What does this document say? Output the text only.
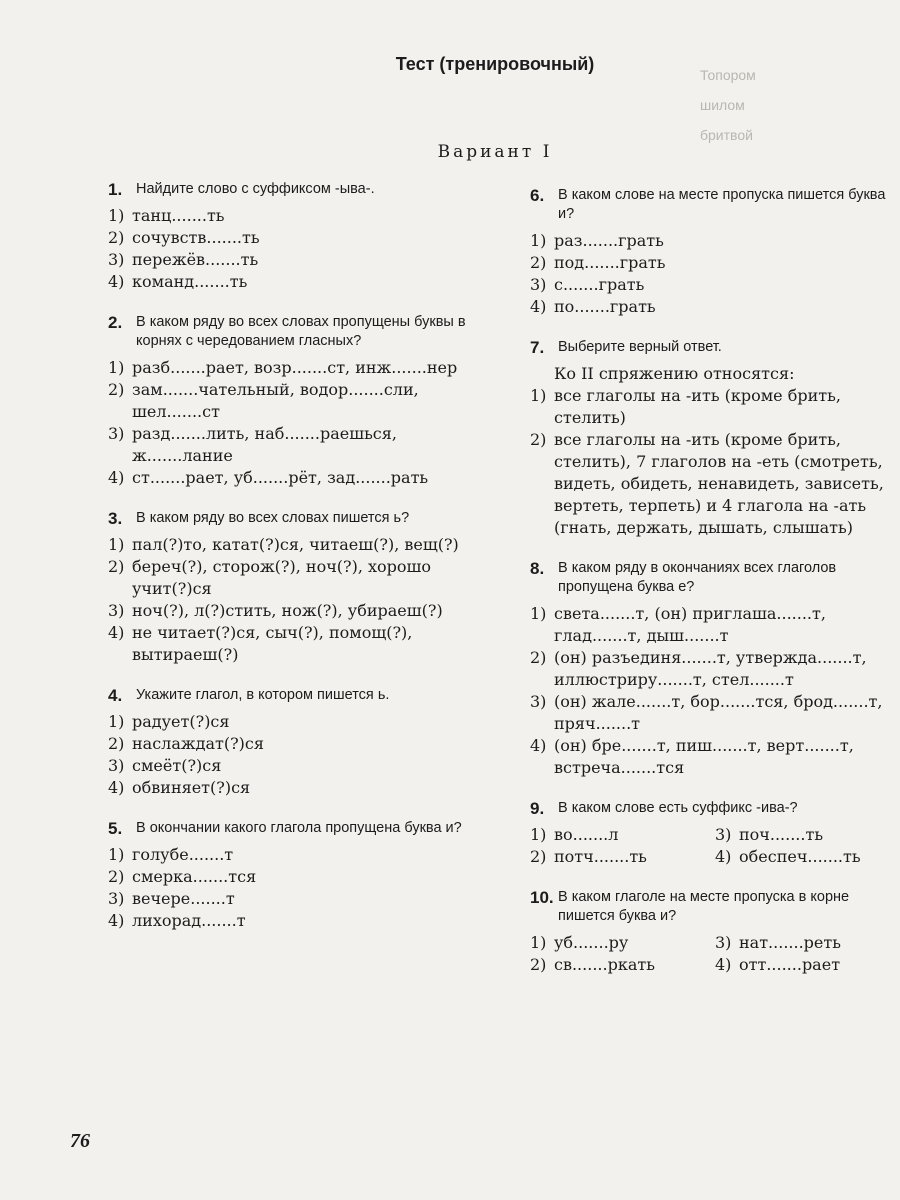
Топором
шилом
бритвой
Тест (тренировочный)
Вариант I
1. Найдите слово с суффиксом -ыва-.
1) танц.......ть
2) сочувств.......ть
3) пережёв.......ть
4) команд.......ть
2. В каком ряду во всех словах пропущены буквы в корнях с чередованием гласных?
1) разб.......рает, возр.......ст, инж.......нер
2) зам.......чательный, водор.......сли, шел.......ст
3) разд.......лить, наб.......раешься, ж.......лание
4) ст.......рает, уб.......рёт, зад.......рать
3. В каком ряду во всех словах пишется ь?
1) пал(?)то, катат(?)ся, читаеш(?), вещ(?)
2) береч(?), сторож(?), ноч(?), хорошо учит(?)ся
3) ноч(?), л(?)стить, нож(?), убираеш(?)
4) не читает(?)ся, сыч(?), помощ(?), вытираеш(?)
4. Укажите глагол, в котором пишется ь.
1) радует(?)ся
2) наслаждат(?)ся
3) смеёт(?)ся
4) обвиняет(?)ся
5. В окончании какого глагола пропущена буква и?
1) голубе.......т
2) смерка.......тся
3) вечере.......т
4) лихорад.......т
6. В каком слове на месте пропуска пишется буква и?
1) раз.......грать
2) под.......грать
3) с.......грать
4) по.......грать
7. Выберите верный ответ.
Ко II спряжению относятся:
1) все глаголы на -ить (кроме брить, стелить)
2) все глаголы на -ить (кроме брить, стелить), 7 глаголов на -еть (смотреть, видеть, обидеть, ненавидеть, зависеть, вертеть, терпеть) и 4 глагола на -ать (гнать, держать, дышать, слышать)
8. В каком ряду в окончаниях всех глаголов пропущена буква е?
1) света.......т, (он) приглаша.......т, глад.......т, дыш.......т
2) (он) разъединя.......т, утвержда.......т, иллюстриру.......т, стел.......т
3) (он) жале.......т, бор.......тся, брод.......т, пряч.......т
4) (он) бре.......т, пиш.......т, верт.......т, встреча.......тся
9. В каком слове есть суффикс -ива-?
1) во.......л	3) поч.......ть
2) потч.......ть	4) обеспеч.......ть
10. В каком глаголе на месте пропуска в корне пишется буква и?
1) уб.......ру	3) нат.......реть
2) св.......ркать	4) отт.......рает
76
